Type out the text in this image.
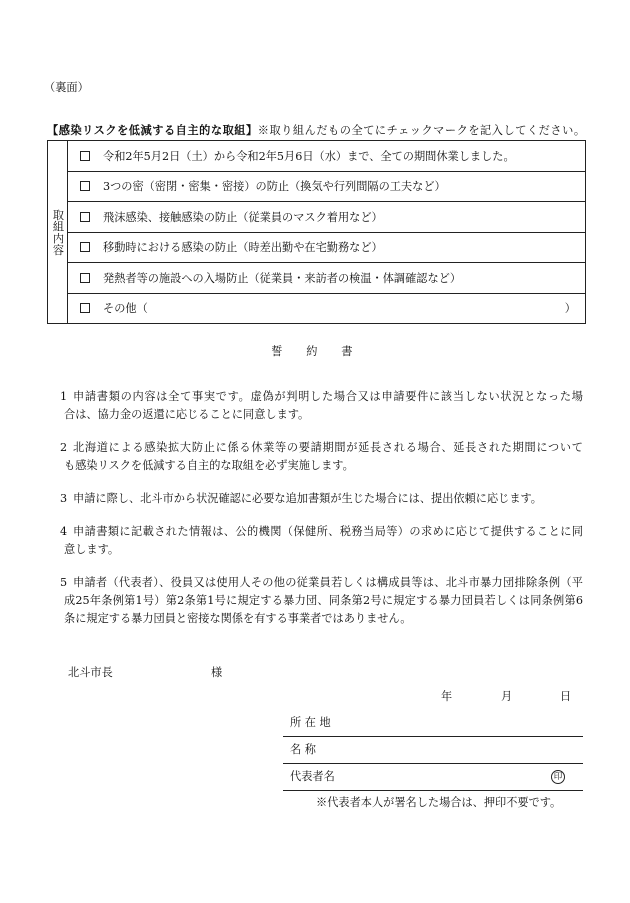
（裏面）
【感染リスクを低減する自主的な取組】※取り組んだもの全てにチェックマークを記入してください。
取組内容
令和2年5月2日（土）から令和2年5月6日（水）まで、全ての期間休業しました。
3つの密（密閉・密集・密接）の防止（換気や行列間隔の工夫など）
飛沫感染、接触感染の防止（従業員のマスク着用など）
移動時における感染の防止（時差出勤や在宅勤務など）
発熱者等の施設への入場防止（従業員・来訪者の検温・体調確認など）
その他（	）
誓　約　書
1 申請書類の内容は全て事実です。虚偽が判明した場合又は申請要件に該当しない状況となった場
合は、協力金の返還に応じることに同意します。
2 北海道による感染拡大防止に係る休業等の要請期間が延長される場合、延長された期間について
も感染リスクを低減する自主的な取組を必ず実施します。
3 申請に際し、北斗市から状況確認に必要な追加書類が生じた場合には、提出依頼に応じます。
4 申請書類に記載された情報は、公的機関（保健所、税務当局等）の求めに応じて提供することに同
意します。
5 申請者（代表者）、役員又は使用人その他の従業員若しくは構成員等は、北斗市暴力団排除条例（平
成25年条例第1号）第2条第1号に規定する暴力団、同条第2号に規定する暴力団員若しくは同条例第6
条に規定する暴力団員と密接な関係を有する事業者ではありません。
北斗市長	様
年	月	日
所 在 地
名 称
代表者名	印
※代表者本人が署名した場合は、押印不要です。
